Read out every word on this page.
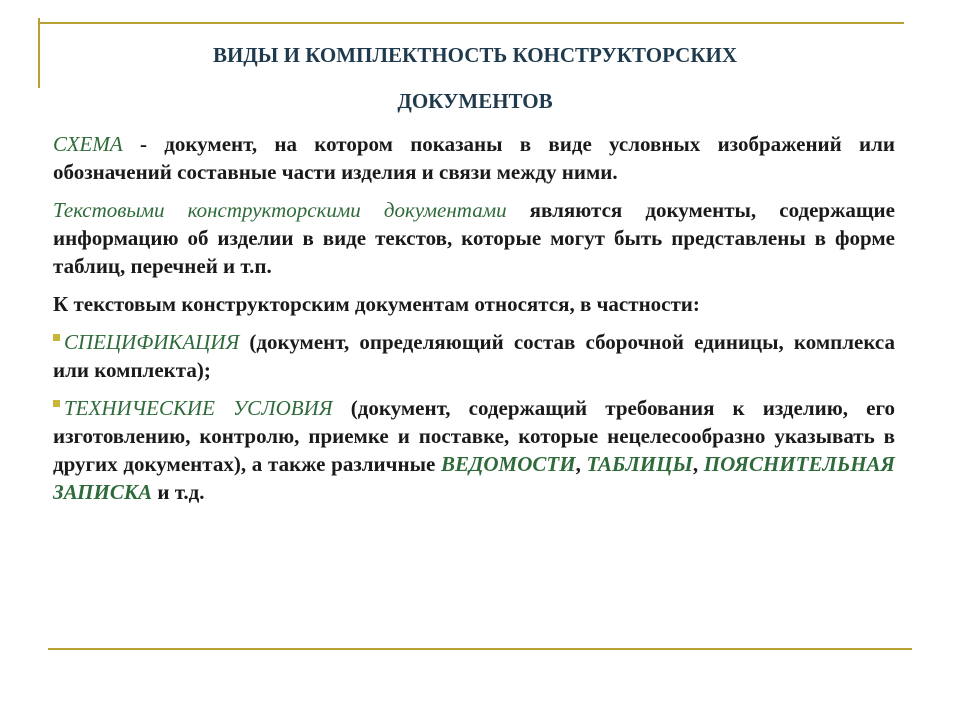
ВИДЫ И КОМПЛЕКТНОСТЬ КОНСТРУКТОРСКИХ
ДОКУМЕНТОВ

СХЕМА - документ, на котором показаны в виде условных изображений или обозначений составные части изделия и связи между ними.

Текстовыми конструкторскими документами являются документы, содержащие информацию об изделии в виде текстов, которые могут быть представлены в форме таблиц, перечней и т.п.

К текстовым конструкторским документам относятся, в частности:

СПЕЦИФИКАЦИЯ (документ, определяющий состав сборочной единицы, комплекса или комплекта);

ТЕХНИЧЕСКИЕ УСЛОВИЯ (документ, содержащий требования к изделию, его изготовлению, контролю, приемке и поставке, которые нецелесообразно указывать в других документах), а также различные ВЕДОМОСТИ, ТАБЛИЦЫ, ПОЯСНИТЕЛЬНАЯ ЗАПИСКА и т.д.
